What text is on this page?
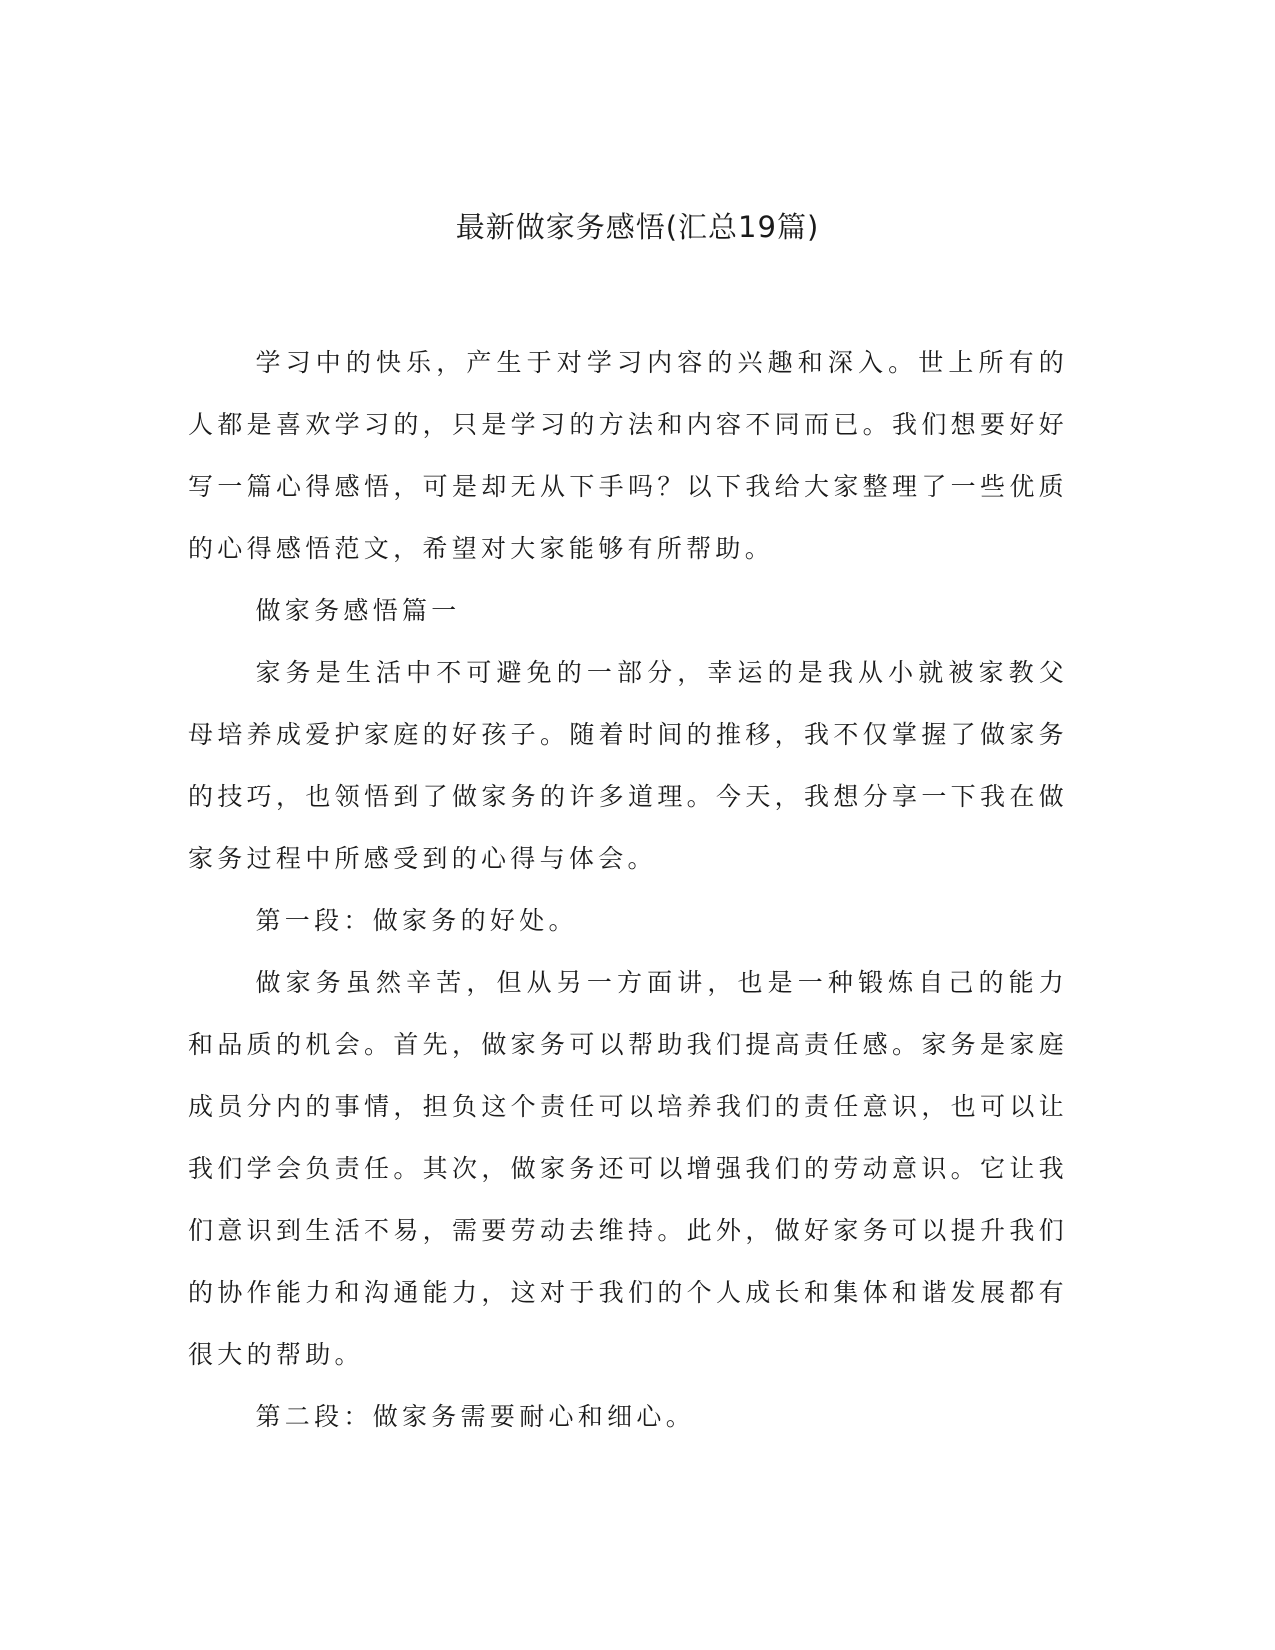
最新做家务感悟(汇总19篇)

学习中的快乐，产生于对学习内容的兴趣和深入。世上所有的人都是喜欢学习的，只是学习的方法和内容不同而已。我们想要好好写一篇心得感悟，可是却无从下手吗？以下我给大家整理了一些优质的心得感悟范文，希望对大家能够有所帮助。

做家务感悟篇一

家务是生活中不可避免的一部分，幸运的是我从小就被家教父母培养成爱护家庭的好孩子。随着时间的推移，我不仅掌握了做家务的技巧，也领悟到了做家务的许多道理。今天，我想分享一下我在做家务过程中所感受到的心得与体会。

第一段：做家务的好处。

做家务虽然辛苦，但从另一方面讲，也是一种锻炼自己的能力和品质的机会。首先，做家务可以帮助我们提高责任感。家务是家庭成员分内的事情，担负这个责任可以培养我们的责任意识，也可以让我们学会负责任。其次，做家务还可以增强我们的劳动意识。它让我们意识到生活不易，需要劳动去维持。此外，做好家务可以提升我们的协作能力和沟通能力，这对于我们的个人成长和集体和谐发展都有很大的帮助。

第二段：做家务需要耐心和细心。
